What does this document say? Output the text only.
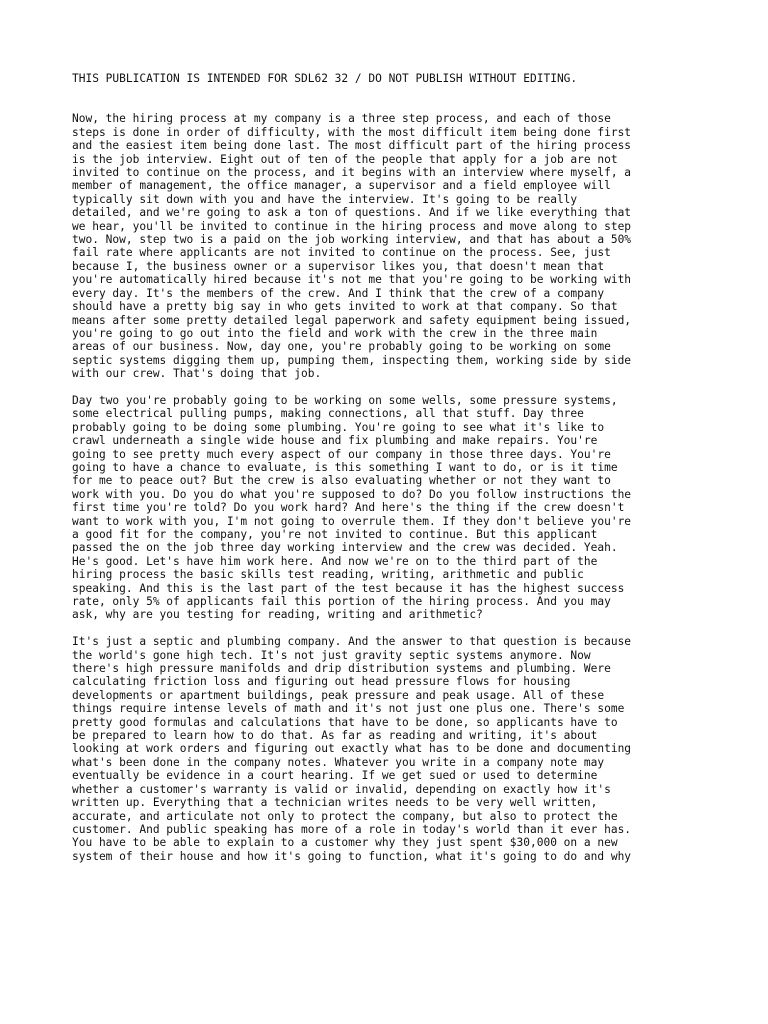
THIS PUBLICATION IS INTENDED FOR SDL62 32 / DO NOT PUBLISH WITHOUT EDITING.
Now, the hiring process at my company is a three step process, and each of those
steps is done in order of difficulty, with the most difficult item being done first
and the easiest item being done last. The most difficult part of the hiring process
is the job interview. Eight out of ten of the people that apply for a job are not
invited to continue on the process, and it begins with an interview where myself, a
member of management, the office manager, a supervisor and a field employee will
typically sit down with you and have the interview. It's going to be really
detailed, and we're going to ask a ton of questions. And if we like everything that
we hear, you'll be invited to continue in the hiring process and move along to step
two. Now, step two is a paid on the job working interview, and that has about a 50%
fail rate where applicants are not invited to continue on the process. See, just
because I, the business owner or a supervisor likes you, that doesn't mean that
you're automatically hired because it's not me that you're going to be working with
every day. It's the members of the crew. And I think that the crew of a company
should have a pretty big say in who gets invited to work at that company. So that
means after some pretty detailed legal paperwork and safety equipment being issued,
you're going to go out into the field and work with the crew in the three main
areas of our business. Now, day one, you're probably going to be working on some
septic systems digging them up, pumping them, inspecting them, working side by side
with our crew. That's doing that job.
Day two you're probably going to be working on some wells, some pressure systems,
some electrical pulling pumps, making connections, all that stuff. Day three
probably going to be doing some plumbing. You're going to see what it's like to
crawl underneath a single wide house and fix plumbing and make repairs. You're
going to see pretty much every aspect of our company in those three days. You're
going to have a chance to evaluate, is this something I want to do, or is it time
for me to peace out? But the crew is also evaluating whether or not they want to
work with you. Do you do what you're supposed to do? Do you follow instructions the
first time you're told? Do you work hard? And here's the thing if the crew doesn't
want to work with you, I'm not going to overrule them. If they don't believe you're
a good fit for the company, you're not invited to continue. But this applicant
passed the on the job three day working interview and the crew was decided. Yeah.
He's good. Let's have him work here. And now we're on to the third part of the
hiring process the basic skills test reading, writing, arithmetic and public
speaking. And this is the last part of the test because it has the highest success
rate, only 5% of applicants fail this portion of the hiring process. And you may
ask, why are you testing for reading, writing and arithmetic?
It's just a septic and plumbing company. And the answer to that question is because
the world's gone high tech. It's not just gravity septic systems anymore. Now
there's high pressure manifolds and drip distribution systems and plumbing. Were
calculating friction loss and figuring out head pressure flows for housing
developments or apartment buildings, peak pressure and peak usage. All of these
things require intense levels of math and it's not just one plus one. There's some
pretty good formulas and calculations that have to be done, so applicants have to
be prepared to learn how to do that. As far as reading and writing, it's about
looking at work orders and figuring out exactly what has to be done and documenting
what's been done in the company notes. Whatever you write in a company note may
eventually be evidence in a court hearing. If we get sued or used to determine
whether a customer's warranty is valid or invalid, depending on exactly how it's
written up. Everything that a technician writes needs to be very well written,
accurate, and articulate not only to protect the company, but also to protect the
customer. And public speaking has more of a role in today's world than it ever has.
You have to be able to explain to a customer why they just spent $30,000 on a new
system of their house and how it's going to function, what it's going to do and why
